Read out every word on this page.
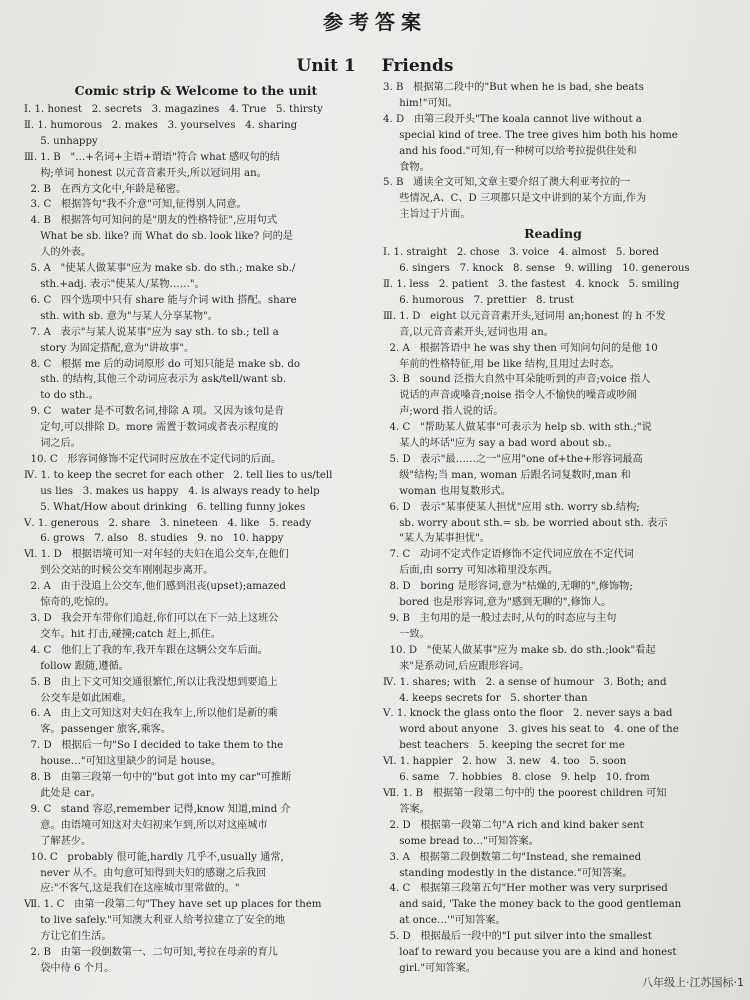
参考答案
Unit 1 Friends
Comic strip & Welcome to the unit

Ⅰ. 1. honest   2. secrets   3. magazines   4. True   5. thirsty

Ⅱ. 1. humorous   2. makes   3. yourselves   4. sharing

5. unhappy

Ⅲ. 1. B   "…+名词+主语+谓语"符合 what 感叹句的结

构;单词 honest 以元音音素开头,所以冠词用 an。

2. B   在西方文化中,年龄是秘密。

3. C   根据答句"我不介意"可知,征得别人同意。

4. B   根据答句可知问的是"朋友的性格特征",应用句式

What be sb. like? 而 What do sb. look like? 问的是

人的外表。

5. A   "使某人做某事"应为 make sb. do sth.; make sb./

sth.+adj. 表示"使某人/某物……"。

6. C   四个选项中只有 share 能与介词 with 搭配。share

sth. with sb. 意为"与某人分享某物"。

7. A   表示"与某人说某事"应为 say sth. to sb.; tell a

story 为固定搭配,意为"讲故事"。

8. C   根据 me 后的动词原形 do 可知只能是 make sb. do

sth. 的结构,其他三个动词应表示为 ask/tell/want sb.

to do sth.。

9. C   water 是不可数名词,排除 A 项。又因为该句是肯

定句,可以排除 D。more 需置于数词或者表示程度的

词之后。

10. C   形容词修饰不定代词时应放在不定代词的后面。

Ⅳ. 1. to keep the secret for each other   2. tell lies to us/tell

us lies   3. makes us happy   4. is always ready to help

5. What/How about drinking   6. telling funny jokes

Ⅴ. 1. generous   2. share   3. nineteen   4. like   5. ready

6. grows   7. also   8. studies   9. no   10. happy

Ⅵ. 1. D   根据语境可知一对年轻的夫妇在追公交车,在他们

到公交站的时候公交车刚刚起步离开。

2. A   由于没追上公交车,他们感到沮丧(upset);amazed

惊奇的,吃惊的。

3. D   我会开车带你们追赶,你们可以在下一站上这班公

交车。hit 打击,碰撞;catch 赶上,抓住。

4. C   他们上了我的车,我开车跟在这辆公交车后面。

follow 跟随,遵循。

5. B   由上下文可知交通很繁忙,所以让我没想到要追上

公交车是如此困难。

6. A   由上文可知这对夫妇在我车上,所以他们是新的乘

客。passenger 旅客,乘客。

7. D   根据后一句"So I decided to take them to the

house…"可知这里缺少的词是 house。

8. B   由第三段第一句中的"but got into my car"可推断

此处是 car。

9. C   stand 容忍,remember 记得,know 知道,mind 介

意。由语境可知这对夫妇初来乍到,所以对这座城市

了解甚少。

10. C   probably 很可能,hardly 几乎不,usually 通常,

never 从不。由句意可知得到夫妇的感谢之后我回

应:"不客气,这是我们在这座城市里常做的。"

Ⅶ. 1. C   由第一段第二句"They have set up places for them

to live safely."可知澳大利亚人给考拉建立了安全的地

方让它们生活。

2. B   由第一段倒数第一、二句可知,考拉在母亲的育儿

袋中待 6 个月。

3. B   根据第二段中的"But when he is bad, she beats

him!"可知。

4. D   由第三段开头"The koala cannot live without a

special kind of tree. The tree gives him both his home

and his food."可知,有一种树可以给考拉提供住处和

食物。

5. B   通读全文可知,文章主要介绍了澳大利亚考拉的一

些情况,A、C、D 三项都只是文中讲到的某个方面,作为

主旨过于片面。

Reading

Ⅰ. 1. straight   2. chose   3. voice   4. almost   5. bored

6. singers   7. knock   8. sense   9. willing   10. generous

Ⅱ. 1. less   2. patient   3. the fastest   4. knock   5. smiling

6. humorous   7. prettier   8. trust

Ⅲ. 1. D   eight 以元音音素开头,冠词用 an;honest 的 h 不发

音,以元音音素开头,冠词也用 an。

2. A   根据答语中 he was shy then 可知问句问的是他 10

年前的性格特征,用 be like 结构,且用过去时态。

3. B   sound 泛指大自然中耳朵能听到的声音;voice 指人

说话的声音或嗓音;noise 指令人不愉快的噪音或吵闹

声;word 指人说的话。

4. C   "帮助某人做某事"可表示为 help sb. with sth.;"说

某人的坏话"应为 say a bad word about sb.。

5. D   表示"最……之一"应用"one of+the+形容词最高

级"结构;当 man, woman 后跟名词复数时,man 和

woman 也用复数形式。

6. D   表示"某事使某人担忧"应用 sth. worry sb.结构;

sb. worry about sth.= sb. be worried about sth. 表示

"某人为某事担忧"。

7. C   动词不定式作定语修饰不定代词应放在不定代词

后面,由 sorry 可知冰箱里没东西。

8. D   boring 是形容词,意为"枯燥的,无聊的",修饰物;

bored 也是形容词,意为"感到无聊的",修饰人。

9. B   主句用的是一般过去时,从句的时态应与主句

一致。

10. D   "使某人做某事"应为 make sb. do sth.;look"看起

来"是系动词,后应跟形容词。

Ⅳ. 1. shares; with   2. a sense of humour   3. Both; and

4. keeps secrets for   5. shorter than

Ⅴ. 1. knock the glass onto the floor   2. never says a bad

word about anyone   3. gives his seat to   4. one of the

best teachers   5. keeping the secret for me

Ⅵ. 1. happier   2. how   3. new   4. too   5. soon

6. same   7. hobbies   8. close   9. help   10. from

Ⅶ. 1. B   根据第一段第二句中的 the poorest children 可知

答案。

2. D   根据第一段第二句"A rich and kind baker sent

some bread to…"可知答案。

3. A   根据第二段倒数第二句"Instead, she remained

standing modestly in the distance."可知答案。

4. C   根据第三段第五句"Her mother was very surprised

and said, 'Take the money back to the good gentleman

at once…'"可知答案。

5. D   根据最后一段中的"I put silver into the smallest

loaf to reward you because you are a kind and honest

girl."可知答案。

八年级上·江苏国标·1
